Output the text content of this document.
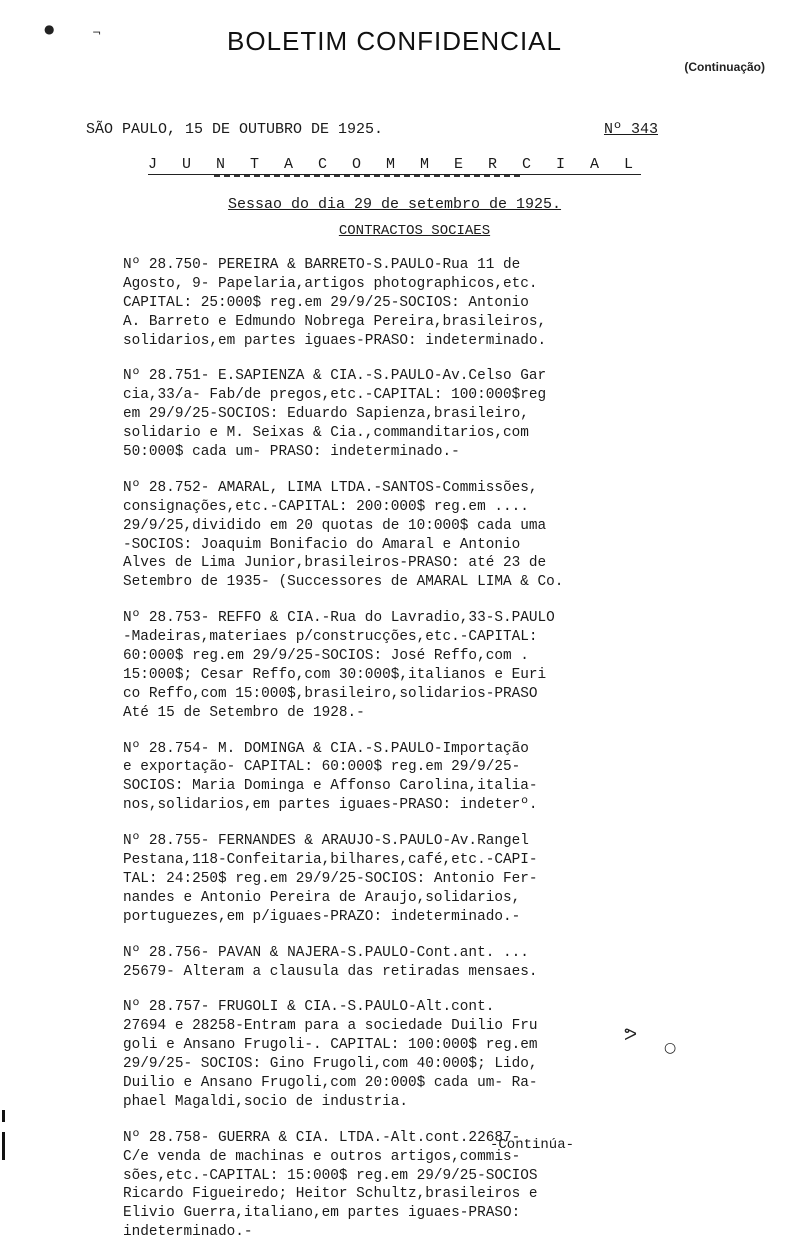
BOLETIM CONFIDENCIAL
(Continuação)
SÃO PAULO, 15 DE OUTUBRO DE 1925.	Nº 343
J U N T A C O M M E R C I A L
Sessao do dia 29 de setembro de 1925.
CONTRACTOS SOCIAES
Nº 28.750- PEREIRA & BARRETO-S.PAULO-Rua 11 de
Agosto, 9- Papelaria,artigos photographicos,etc.
CAPITAL: 25:000$ reg.em 29/9/25-SOCIOS: Antonio
A. Barreto e Edmundo Nobrega Pereira,brasileiros,
solidarios,em partes iguaes-PRASO: indeterminado.
Nº 28.751- E.SAPIENZA & CIA.-S.PAULO-Av.Celso Gar
cia,33/a- Fab/de pregos,etc.-CAPITAL: 100:000$reg
em 29/9/25-SOCIOS: Eduardo Sapienza,brasileiro,
solidario e M. Seixas & Cia.,commanditarios,com
50:000$ cada um- PRASO: indeterminado.-
Nº 28.752- AMARAL, LIMA LTDA.-SANTOS-Commissões,
consignações,etc.-CAPITAL: 200:000$ reg.em ....
29/9/25,dividido em 20 quotas de 10:000$ cada uma
-SOCIOS: Joaquim Bonifacio do Amaral e Antonio
Alves de Lima Junior,brasileiros-PRASO: até 23 de
Setembro de 1935- (Successores de AMARAL LIMA & Co.
Nº 28.753- REFFO & CIA.-Rua do Lavradio,33-S.PAULO
-Madeiras,materiaes p/construcções,etc.-CAPITAL:
60:000$ reg.em 29/9/25-SOCIOS: José Reffo,com .
15:000$; Cesar Reffo,com 30:000$,italianos e Euri
co Reffo,com 15:000$,brasileiro,solidarios-PRASO
Até 15 de Setembro de 1928.-
Nº 28.754- M. DOMINGA & CIA.-S.PAULO-Importação
e exportação- CAPITAL: 60:000$ reg.em 29/9/25-
SOCIOS: Maria Dominga e Affonso Carolina,italia-
nos,solidarios,em partes iguaes-PRASO: indeterº.
Nº 28.755- FERNANDES & ARAUJO-S.PAULO-Av.Rangel
Pestana,118-Confeitaria,bilhares,café,etc.-CAPI-
TAL: 24:250$ reg.em 29/9/25-SOCIOS: Antonio Fer-
nandes e Antonio Pereira de Araujo,solidarios,
portuguezes,em p/iguaes-PRAZO: indeterminado.-
Nº 28.756- PAVAN & NAJERA-S.PAULO-Cont.ant. ...
25679- Alteram a clausula das retiradas mensaes.
Nº 28.757- FRUGOLI & CIA.-S.PAULO-Alt.cont.
27694 e 28258-Entram para a sociedade Duilio Fru
goli e Ansano Frugoli-. CAPITAL: 100:000$ reg.em
29/9/25- SOCIOS: Gino Frugoli,com 40:000$; Lido,
Duilio e Ansano Frugoli,com 20:000$ cada um- Ra-
phael Magaldi,socio de industria.
Nº 28.758- GUERRA & CIA. LTDA.-Alt.cont.22687-
C/e venda de machinas e outros artigos,commis-
sões,etc.-CAPITAL: 15:000$ reg.em 29/9/25-SOCIOS
Ricardo Figueiredo; Heitor Schultz,brasileiros e
Elivio Guerra,italiano,em partes iguaes-PRASO:
indeterminado.-
-Continúa-
●	¬
ᕗ
○
